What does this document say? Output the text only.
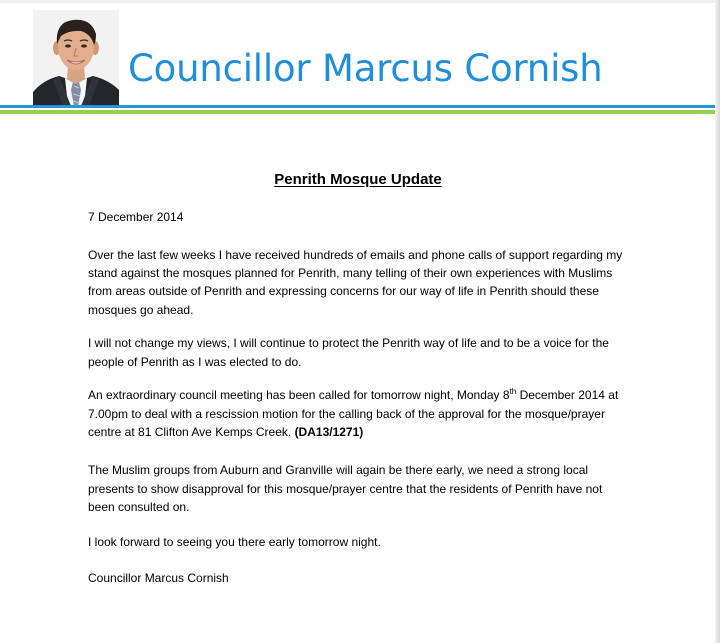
Councillor Marcus Cornish
Penrith Mosque Update
7 December 2014
Over the last few weeks I have received hundreds of emails and phone calls of support regarding my
stand against the mosques planned for Penrith, many telling of their own experiences with Muslims
from areas outside of Penrith and expressing concerns for our way of life in Penrith should these
mosques go ahead.
I will not change my views, I will continue to protect the Penrith way of life and to be a voice for the
people of Penrith as I was elected to do.
An extraordinary council meeting has been called for tomorrow night, Monday 8th December 2014 at
7.00pm to deal with a rescission motion for the calling back of the approval for the mosque/prayer
centre at 81 Clifton Ave Kemps Creek. (DA13/1271)
The Muslim groups from Auburn and Granville will again be there early, we need a strong local
presents to show disapproval for this mosque/prayer centre that the residents of Penrith have not
been consulted on.
I look forward to seeing you there early tomorrow night.
Councillor Marcus Cornish
